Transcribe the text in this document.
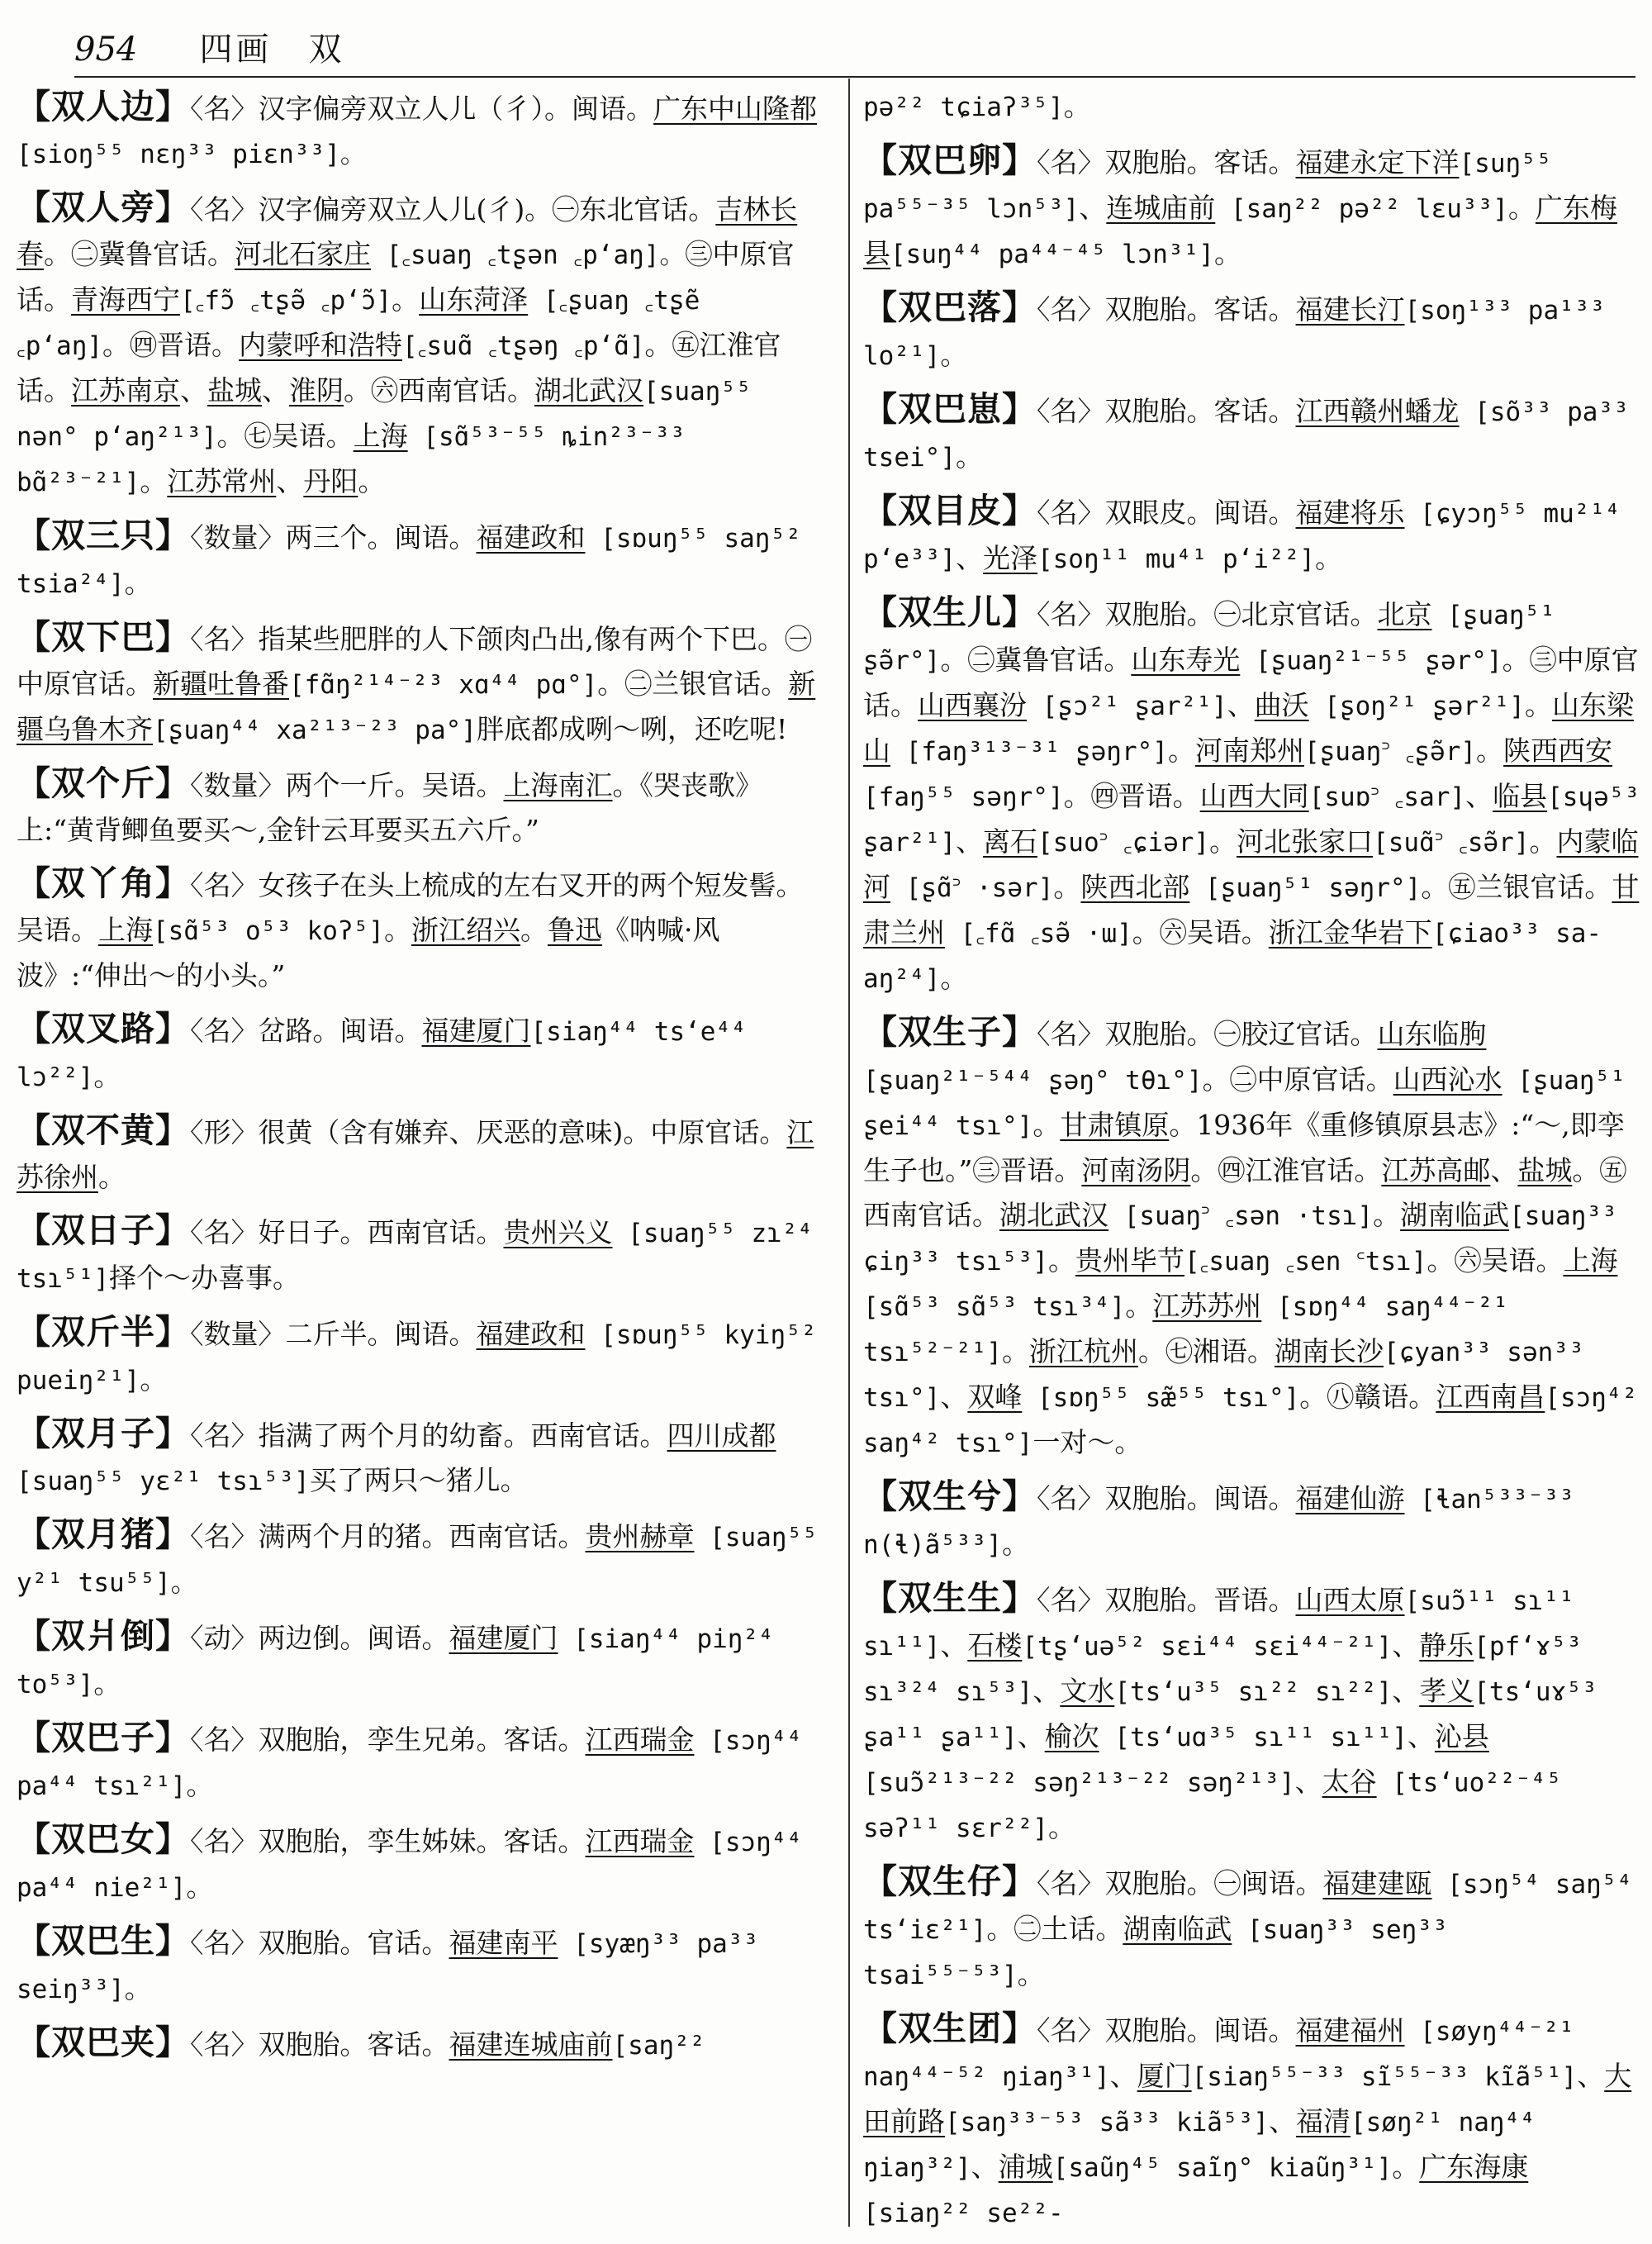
954 四画　双
【双人边】〈名〉汉字偏旁双立人儿（彳）。闽语。广东中山隆都[sioŋ⁵⁵ nɛŋ³³ piɛn³³]。
【双人旁】〈名〉汉字偏旁双立人儿(彳)。㊀东北官话。吉林长春。㊁冀鲁官话。河北石家庄 [꜀suaŋ ꜀tʂən ꜀pʻaŋ]。㊂中原官话。青海西宁[꜀fɔ̃ ꜀tʂə̃ ꜀pʻɔ̃]。山东菏泽 [꜀ʂuaŋ ꜀tʂẽ ꜀pʻaŋ]。㊃晋语。内蒙呼和浩特[꜀suɑ̃ ꜀tʂəŋ ꜀pʻɑ̃]。㊄江淮官话。江苏南京、盐城、淮阴。㊅西南官话。湖北武汉[suaŋ⁵⁵ nən° pʻaŋ²¹³]。㊆吴语。上海 [sɑ̃⁵³⁻⁵⁵ ȵin²³⁻³³ bɑ̃²³⁻²¹]。江苏常州、丹阳。
【双三只】〈数量〉两三个。闽语。福建政和 [sɒuŋ⁵⁵ saŋ⁵² tsia²⁴]。
【双下巴】〈名〉指某些肥胖的人下颌肉凸出,像有两个下巴。㊀中原官话。新疆吐鲁番[fɑ̃ŋ²¹⁴⁻²³ xɑ⁴⁴ pɑ°]。㊁兰银官话。新疆乌鲁木齐[ʂuaŋ⁴⁴ xa²¹³⁻²³ pa°]胖底都成咧～咧，还吃呢!
【双个斤】〈数量〉两个一斤。吴语。上海南汇。《哭丧歌》上:“黄背鲫鱼要买～,金针云耳要买五六斤。”
【双丫角】〈名〉女孩子在头上梳成的左右叉开的两个短发髻。吴语。上海[sɑ̃⁵³ o⁵³ koʔ⁵]。浙江绍兴。鲁迅《呐喊·风波》:“伸出～的小头。”
【双叉路】〈名〉岔路。闽语。福建厦门[siaŋ⁴⁴ tsʻe⁴⁴ lɔ²²]。
【双不黄】〈形〉很黄（含有嫌弃、厌恶的意味)。中原官话。江苏徐州。
【双日子】〈名〉好日子。西南官话。贵州兴义 [suaŋ⁵⁵ zɿ²⁴ tsɿ⁵¹]择个～办喜事。
【双斤半】〈数量〉二斤半。闽语。福建政和 [sɒuŋ⁵⁵ kyiŋ⁵² pueiŋ²¹]。
【双月子】〈名〉指满了两个月的幼畜。西南官话。四川成都[suaŋ⁵⁵ yɛ²¹ tsɿ⁵³]买了两只～猪儿。
【双月猪】〈名〉满两个月的猪。西南官话。贵州赫章 [suaŋ⁵⁵ y²¹ tsu⁵⁵]。
【双爿倒】〈动〉两边倒。闽语。福建厦门 [siaŋ⁴⁴ piŋ²⁴ to⁵³]。
【双巴子】〈名〉双胞胎，孪生兄弟。客话。江西瑞金 [sɔŋ⁴⁴ pa⁴⁴ tsɿ²¹]。
【双巴女】〈名〉双胞胎，孪生姊妹。客话。江西瑞金 [sɔŋ⁴⁴ pa⁴⁴ nie²¹]。
【双巴生】〈名〉双胞胎。官话。福建南平 [syæŋ³³ pa³³ seiŋ³³]。
【双巴夹】〈名〉双胞胎。客话。福建连城庙前[saŋ²²
pə²² tɕiaʔ³⁵]。
【双巴卵】〈名〉双胞胎。客话。福建永定下洋[suŋ⁵⁵ pa⁵⁵⁻³⁵ lɔn⁵³]、连城庙前 [saŋ²² pə²² lɛu³³]。广东梅县[suŋ⁴⁴ pa⁴⁴⁻⁴⁵ lɔn³¹]。
【双巴落】〈名〉双胞胎。客话。福建长汀[soŋ¹³³ pa¹³³ lo²¹]。
【双巴崽】〈名〉双胞胎。客话。江西赣州蟠龙 [sõ³³ pa³³ tsei°]。
【双目皮】〈名〉双眼皮。闽语。福建将乐 [ɕyɔŋ⁵⁵ mu²¹⁴ pʻe³³]、光泽[soŋ¹¹ mu⁴¹ pʻi²²]。
【双生儿】〈名〉双胞胎。㊀北京官话。北京 [ʂuaŋ⁵¹ ʂə̃r°]。㊁冀鲁官话。山东寿光 [ʂuaŋ²¹⁻⁵⁵ ʂər°]。㊂中原官话。山西襄汾 [ʂɔ²¹ ʂar²¹]、曲沃 [ʂoŋ²¹ ʂər²¹]。山东梁山 [faŋ³¹³⁻³¹ ʂəŋr°]。河南郑州[ʂuaŋ꜄ ꜀ʂə̃r]。陕西西安 [faŋ⁵⁵ səŋr°]。㊃晋语。山西大同[suɒ꜄ ꜀sar]、临县[sɥə⁵³ ʂar²¹]、离石[suo꜄ ꜀ɕiər]。河北张家口[suɑ̃꜄ ꜀sə̃r]。内蒙临河 [ʂɑ̃꜄ ·sər]。陕西北部 [ʂuaŋ⁵¹ səŋr°]。㊄兰银官话。甘肃兰州 [꜀fɑ̃ ꜀sə̃ ·ɯ]。㊅吴语。浙江金华岩下[ɕiao³³ sa-aŋ²⁴]。
【双生子】〈名〉双胞胎。㊀胶辽官话。山东临朐 [ʂuaŋ²¹⁻⁵⁴⁴ ʂəŋ° tθɿ°]。㊁中原官话。山西沁水 [ʂuaŋ⁵¹ ʂei⁴⁴ tsɿ°]。甘肃镇原。1936年《重修镇原县志》:“～,即孪生子也。”㊂晋语。河南汤阴。㊃江淮官话。江苏高邮、盐城。㊄西南官话。湖北武汉 [suaŋ꜄ ꜀sən ·tsɿ]。湖南临武[suaŋ³³ ɕiŋ³³ tsɿ⁵³]。贵州毕节[꜀suaŋ ꜀sen ꜂tsɿ]。㊅吴语。上海 [sɑ̃⁵³ sɑ̃⁵³ tsɿ³⁴]。江苏苏州 [sɒŋ⁴⁴ saŋ⁴⁴⁻²¹ tsɿ⁵²⁻²¹]。浙江杭州。㊆湘语。湖南长沙[ɕyan³³ sən³³ tsɿ°]、双峰 [sɒŋ⁵⁵ sæ̃⁵⁵ tsɿ°]。㊇赣语。江西南昌[sɔŋ⁴² saŋ⁴² tsɿ°]一对～。
【双生兮】〈名〉双胞胎。闽语。福建仙游 [ɬan⁵³³⁻³³ n(ɬ)ã⁵³³]。
【双生生】〈名〉双胞胎。晋语。山西太原[suɔ̃¹¹ sɿ¹¹ sɿ¹¹]、石楼[tʂʻuə⁵² sɛi⁴⁴ sɛi⁴⁴⁻²¹]、静乐[pfʻɤ⁵³ sɿ³²⁴ sɿ⁵³]、文水[tsʻu³⁵ sɿ²² sɿ²²]、孝义[tsʻuɤ⁵³ ʂa¹¹ ʂa¹¹]、榆次 [tsʻuɑ³⁵ sɿ¹¹ sɿ¹¹]、沁县 [suɔ̃²¹³⁻²² səŋ²¹³⁻²² səŋ²¹³]、太谷 [tsʻuo²²⁻⁴⁵ səʔ¹¹ sɛr²²]。
【双生仔】〈名〉双胞胎。㊀闽语。福建建瓯 [sɔŋ⁵⁴ saŋ⁵⁴ tsʻiɛ²¹]。㊁土话。湖南临武 [suaŋ³³ seŋ³³ tsai⁵⁵⁻⁵³]。
【双生团】〈名〉双胞胎。闽语。福建福州 [søyŋ⁴⁴⁻²¹ naŋ⁴⁴⁻⁵² ŋiaŋ³¹]、厦门[siaŋ⁵⁵⁻³³ sĩ⁵⁵⁻³³ kĩã⁵¹]、大田前路[saŋ³³⁻⁵³ sã³³ kiã⁵³]、福清[søŋ²¹ naŋ⁴⁴ ŋiaŋ³²]、浦城[saũŋ⁴⁵ saĩŋ° kiaũŋ³¹]。广东海康 [siaŋ²² se²²-
